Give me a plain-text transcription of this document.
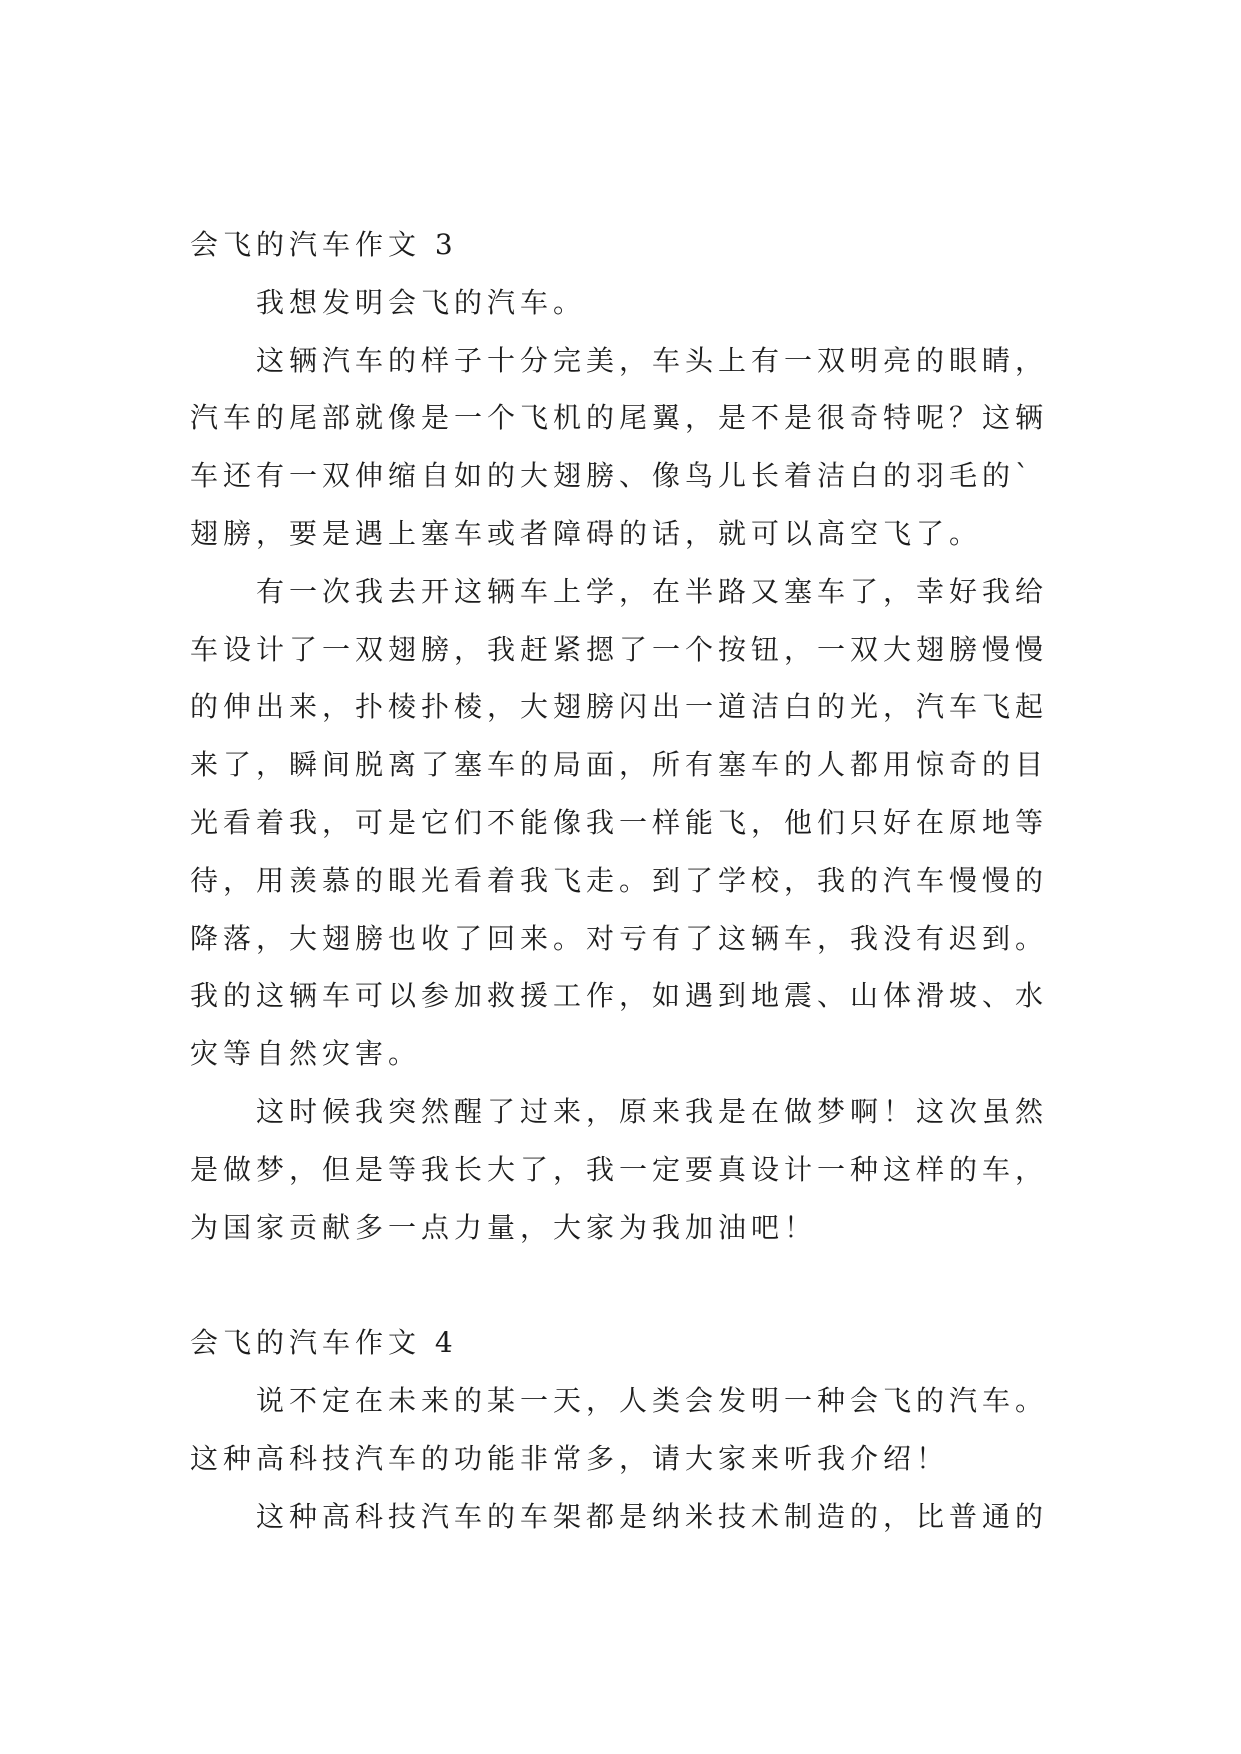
会飞的汽车作文 3
我想发明会飞的汽车。
这辆汽车的样子十分完美，车头上有一双明亮的眼睛，
汽车的尾部就像是一个飞机的尾翼，是不是很奇特呢？这辆
车还有一双伸缩自如的大翅膀、像鸟儿长着洁白的羽毛的`
翅膀，要是遇上塞车或者障碍的话，就可以高空飞了。
有一次我去开这辆车上学，在半路又塞车了，幸好我给
车设计了一双翅膀，我赶紧摁了一个按钮，一双大翅膀慢慢
的伸出来，扑棱扑棱，大翅膀闪出一道洁白的光，汽车飞起
来了，瞬间脱离了塞车的局面，所有塞车的人都用惊奇的目
光看着我，可是它们不能像我一样能飞，他们只好在原地等
待，用羡慕的眼光看着我飞走。到了学校，我的汽车慢慢的
降落，大翅膀也收了回来。对亏有了这辆车，我没有迟到。
我的这辆车可以参加救援工作，如遇到地震、山体滑坡、水
灾等自然灾害。
这时候我突然醒了过来，原来我是在做梦啊！这次虽然
是做梦，但是等我长大了，我一定要真设计一种这样的车，
为国家贡献多一点力量，大家为我加油吧！
会飞的汽车作文 4
说不定在未来的某一天，人类会发明一种会飞的汽车。
这种高科技汽车的功能非常多，请大家来听我介绍！
这种高科技汽车的车架都是纳米技术制造的，比普通的
